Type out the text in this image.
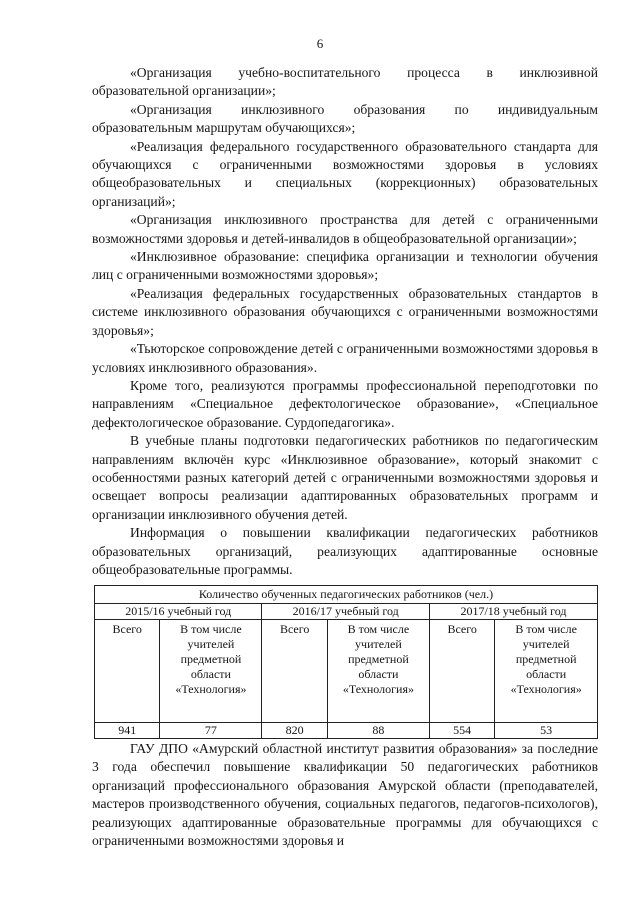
6

«Организация учебно-воспитательного процесса в инклюзивной образовательной организации»;

«Организация инклюзивного образования по индивидуальным образовательным маршрутам обучающихся»;

«Реализация федерального государственного образовательного стандарта для обучающихся с ограниченными возможностями здоровья в условиях общеобразовательных и специальных (коррекционных) образовательных организаций»;

«Организация инклюзивного пространства для детей с ограниченными возможностями здоровья и детей-инвалидов в общеобразовательной организации»;

«Инклюзивное образование: специфика организации и технологии обучения лиц с ограниченными возможностями здоровья»;

«Реализация федеральных государственных образовательных стандартов в системе инклюзивного образования обучающихся с ограниченными возможностями здоровья»;

«Тьюторское сопровождение детей с ограниченными возможностями здоровья в условиях инклюзивного образования».

Кроме того, реализуются программы профессиональной переподготовки по направлениям «Специальное дефектологическое образование», «Специальное дефектологическое образование. Сурдопедагогика».

В учебные планы подготовки педагогических работников по педагогическим направлениям включён курс «Инклюзивное образование», который знакомит с особенностями разных категорий детей с ограниченными возможностями здоровья и освещает вопросы реализации адаптированных образовательных программ и организации инклюзивного обучения детей.

Информация о повышении квалификации педагогических работников образовательных организаций, реализующих адаптированные основные общеобразовательные программы.

Количество обученных педагогических работников (чел.)					
2015/16 учебный год		2016/17 учебный год		2017/18 учебный год	
Всего	В том числе учителей предметной области «Технология»	Всего	В том числе учителей предметной области «Технология»	Всего	В том числе учителей предметной области «Технология»
941	77	820	88	554	53

ГАУ ДПО «Амурский областной институт развития образования» за последние 3 года обеспечил повышение квалификации 50 педагогических работников организаций профессионального образования Амурской области (преподавателей, мастеров производственного обучения, социальных педагогов, педагогов-психологов), реализующих адаптированные образовательные программы для обучающихся с ограниченными возможностями здоровья и
